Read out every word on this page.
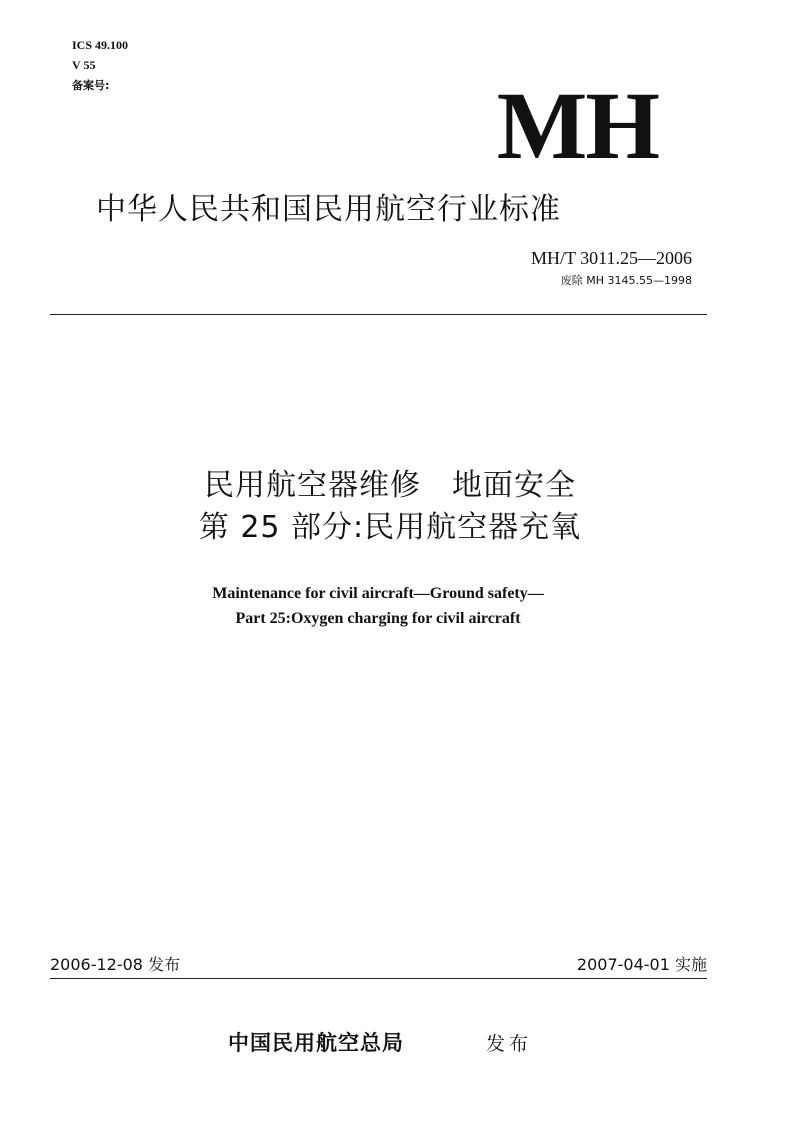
ICS 49.100
V 55
备案号:	MH
中华人民共和国民用航空行业标准
MH/T 3011.25—2006
废除 MH 3145.55—1998
民用航空器维修　地面安全
第 25 部分:民用航空器充氧
Maintenance for civil aircraft—Ground safety—
Part 25:Oxygen charging for civil aircraft
2006-12-08 发布	2007-04-01 实施
中国民用航空总局	发布
